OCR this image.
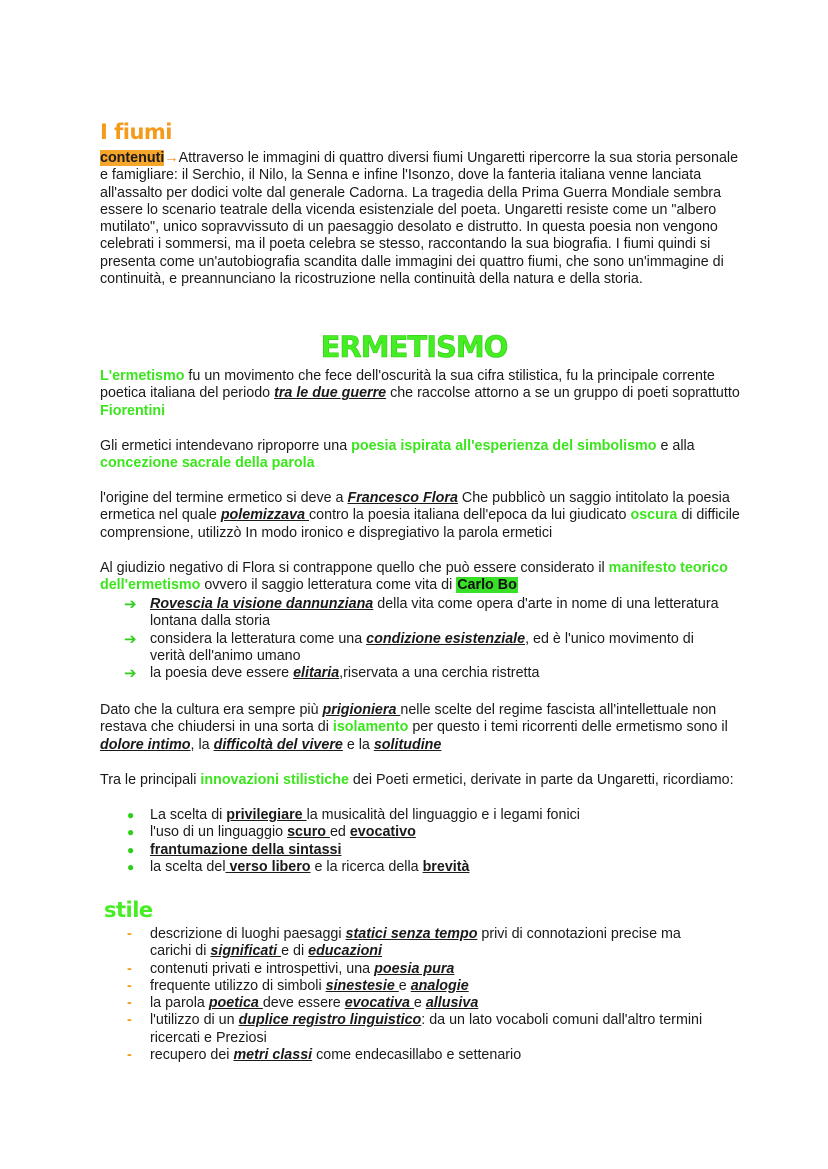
I fiumi

contenuti→Attraverso le immagini di quattro diversi fiumi Ungaretti ripercorre la sua storia personale e famigliare: il Serchio, il Nilo, la Senna e infine l'Isonzo, dove la fanteria italiana venne lanciata all'assalto per dodici volte dal generale Cadorna. La tragedia della Prima Guerra Mondiale sembra essere lo scenario teatrale della vicenda esistenziale del poeta. Ungaretti resiste come un "albero mutilato", unico sopravvissuto di un paesaggio desolato e distrutto. In questa poesia non vengono celebrati i sommersi, ma il poeta celebra se stesso, raccontando la sua biografia. I fiumi quindi si presenta come un'autobiografia scandita dalle immagini dei quattro fiumi, che sono un'immagine di continuità, e preannunciano la ricostruzione nella continuità della natura e della storia.

ERMETISMO

L'ermetismo fu un movimento che fece dell'oscurità la sua cifra stilistica, fu la principale corrente poetica italiana del periodo tra le due guerre che raccolse attorno a se un gruppo di poeti soprattutto Fiorentini

Gli ermetici intendevano riproporre una poesia ispirata all'esperienza del simbolismo e alla concezione sacrale della parola

l'origine del termine ermetico si deve a Francesco Flora Che pubblicò un saggio intitolato la poesia ermetica nel quale polemizzava contro la poesia italiana dell'epoca da lui giudicato oscura di difficile comprensione, utilizzò In modo ironico e dispregiativo la parola ermetici

Al giudizio negativo di Flora si contrappone quello che può essere considerato il manifesto teorico dell'ermetismo ovvero il saggio letteratura come vita di Carlo Bo

➔ Rovescia la visione dannunziana della vita come opera d'arte in nome di una letteratura lontana dalla storia
➔ considera la letteratura come una condizione esistenziale, ed è l'unico movimento di verità dell'animo umano
➔ la poesia deve essere elitaria,riservata a una cerchia ristretta

Dato che la cultura era sempre più prigioniera nelle scelte del regime fascista all'intellettuale non restava che chiudersi in una sorta di isolamento per questo i temi ricorrenti delle ermetismo sono il dolore intimo, la difficoltà del vivere e la solitudine

Tra le principali innovazioni stilistiche dei Poeti ermetici, derivate in parte da Ungaretti, ricordiamo:

● La scelta di privilegiare la musicalità del linguaggio e i legami fonici
● l'uso di un linguaggio scuro ed evocativo
● frantumazione della sintassi
● la scelta del verso libero e la ricerca della brevità
stile
- descrizione di luoghi paesaggi statici senza tempo privi di connotazioni precise ma carichi di significati e di educazioni
- contenuti privati e introspettivi, una poesia pura
- frequente utilizzo di simboli sinestesie e analogie
- la parola poetica deve essere evocativa e allusiva
- l'utilizzo di un duplice registro linguistico: da un lato vocaboli comuni dall'altro termini ricercati e Preziosi
- recupero dei metri classi come endecasillabo e settenario
